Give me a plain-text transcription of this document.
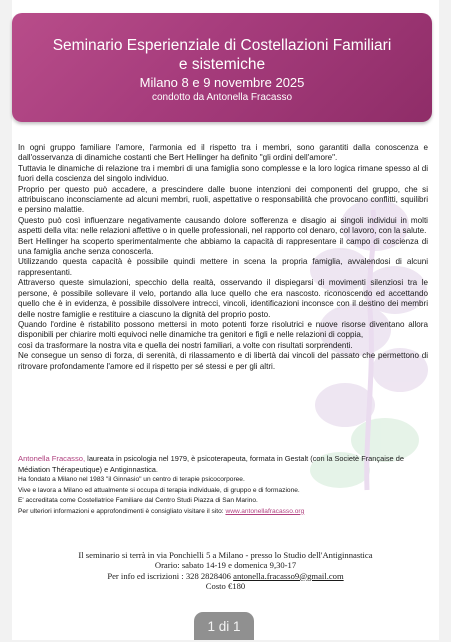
Seminario Esperienziale di Costellazioni Familiari
e sistemiche
Milano 8 e 9 novembre 2025
condotto da Antonella Fracasso

In ogni gruppo familiare l'amore, l'armonia ed il rispetto tra i membri, sono garantiti dalla conoscenza e dall'osservanza di dinamiche costanti che Bert Hellinger ha definito "gli ordini dell'amore".

Tuttavia le dinamiche di relazione tra i membri di una famiglia sono complesse e la loro logica rimane spesso al di fuori della coscienza del singolo individuo.

Proprio per questo può accadere, a prescindere dalle buone intenzioni dei componenti del gruppo, che si attribuiscano inconsciamente ad alcuni membri, ruoli, aspettative o responsabilità che provocano conflitti, squilibri e persino malattie.

Questo può così influenzare negativamente causando dolore sofferenza e disagio ai singoli individui in molti aspetti della vita: nelle relazioni affettive o in quelle professionali, nel rapporto col denaro, col lavoro, con la salute.

Bert Hellinger ha scoperto sperimentalmente che abbiamo la capacità di rappresentare il campo di coscienza di una famiglia anche senza conoscerla.

Utilizzando questa capacità è possibile quindi mettere in scena la propria famiglia, avvalendosi di alcuni rappresentanti.

Attraverso queste simulazioni, specchio della realtà, osservando il dispiegarsi di movimenti silenziosi tra le persone, è possibile sollevare il velo, portando alla luce quello che era nascosto. riconoscendo ed accettando quello che è in evidenza, è possibile dissolvere intrecci, vincoli, identificazioni inconsce con il destino dei membri delle nostre famiglie e restituire a ciascuno la dignità del proprio posto.

Quando l'ordine è ristabilito possono mettersi in moto potenti forze risolutrici e nuove risorse diventano allora disponibili per chiarire molti equivoci nelle dinamiche tra genitori e figli e nelle relazioni di coppia,

così da trasformare la nostra vita e quella dei nostri familiari, a volte con risultati sorprendenti.

Ne consegue un senso di forza, di serenità, di rilassamento e di libertà dai vincoli del passato che permettono di ritrovare profondamente l'amore ed il rispetto per sé stessi e per gli altri.

Antonella Fracasso, laureata in psicologia nel 1979, è psicoterapeuta, formata in Gestalt (con la Societè Française de Médiation Thérapeutique) e Antiginnastica.

Ha fondato a Milano nel 1983 "il Ginnasio" un centro di terapie psicocorporee.

Vive e lavora a Milano ed attualmente si occupa di terapia individuale, di gruppo e di formazione.

E' accreditata come Costellatrice Familiare dal Centro Studi Piazza di San Marino.

Per ulteriori informazioni e approfondimenti è consigliato visitare il sito: www.antonellafracasso.org

Il seminario si terrà in via Ponchielli 5 a Milano - presso lo Studio dell'Antiginnastica

Orario: sabato 14-19 e domenica 9,30-17

Per info ed iscrizioni : 328 2828406 antonella.fracasso9@gmail.com

Costo €180

1 di 1
